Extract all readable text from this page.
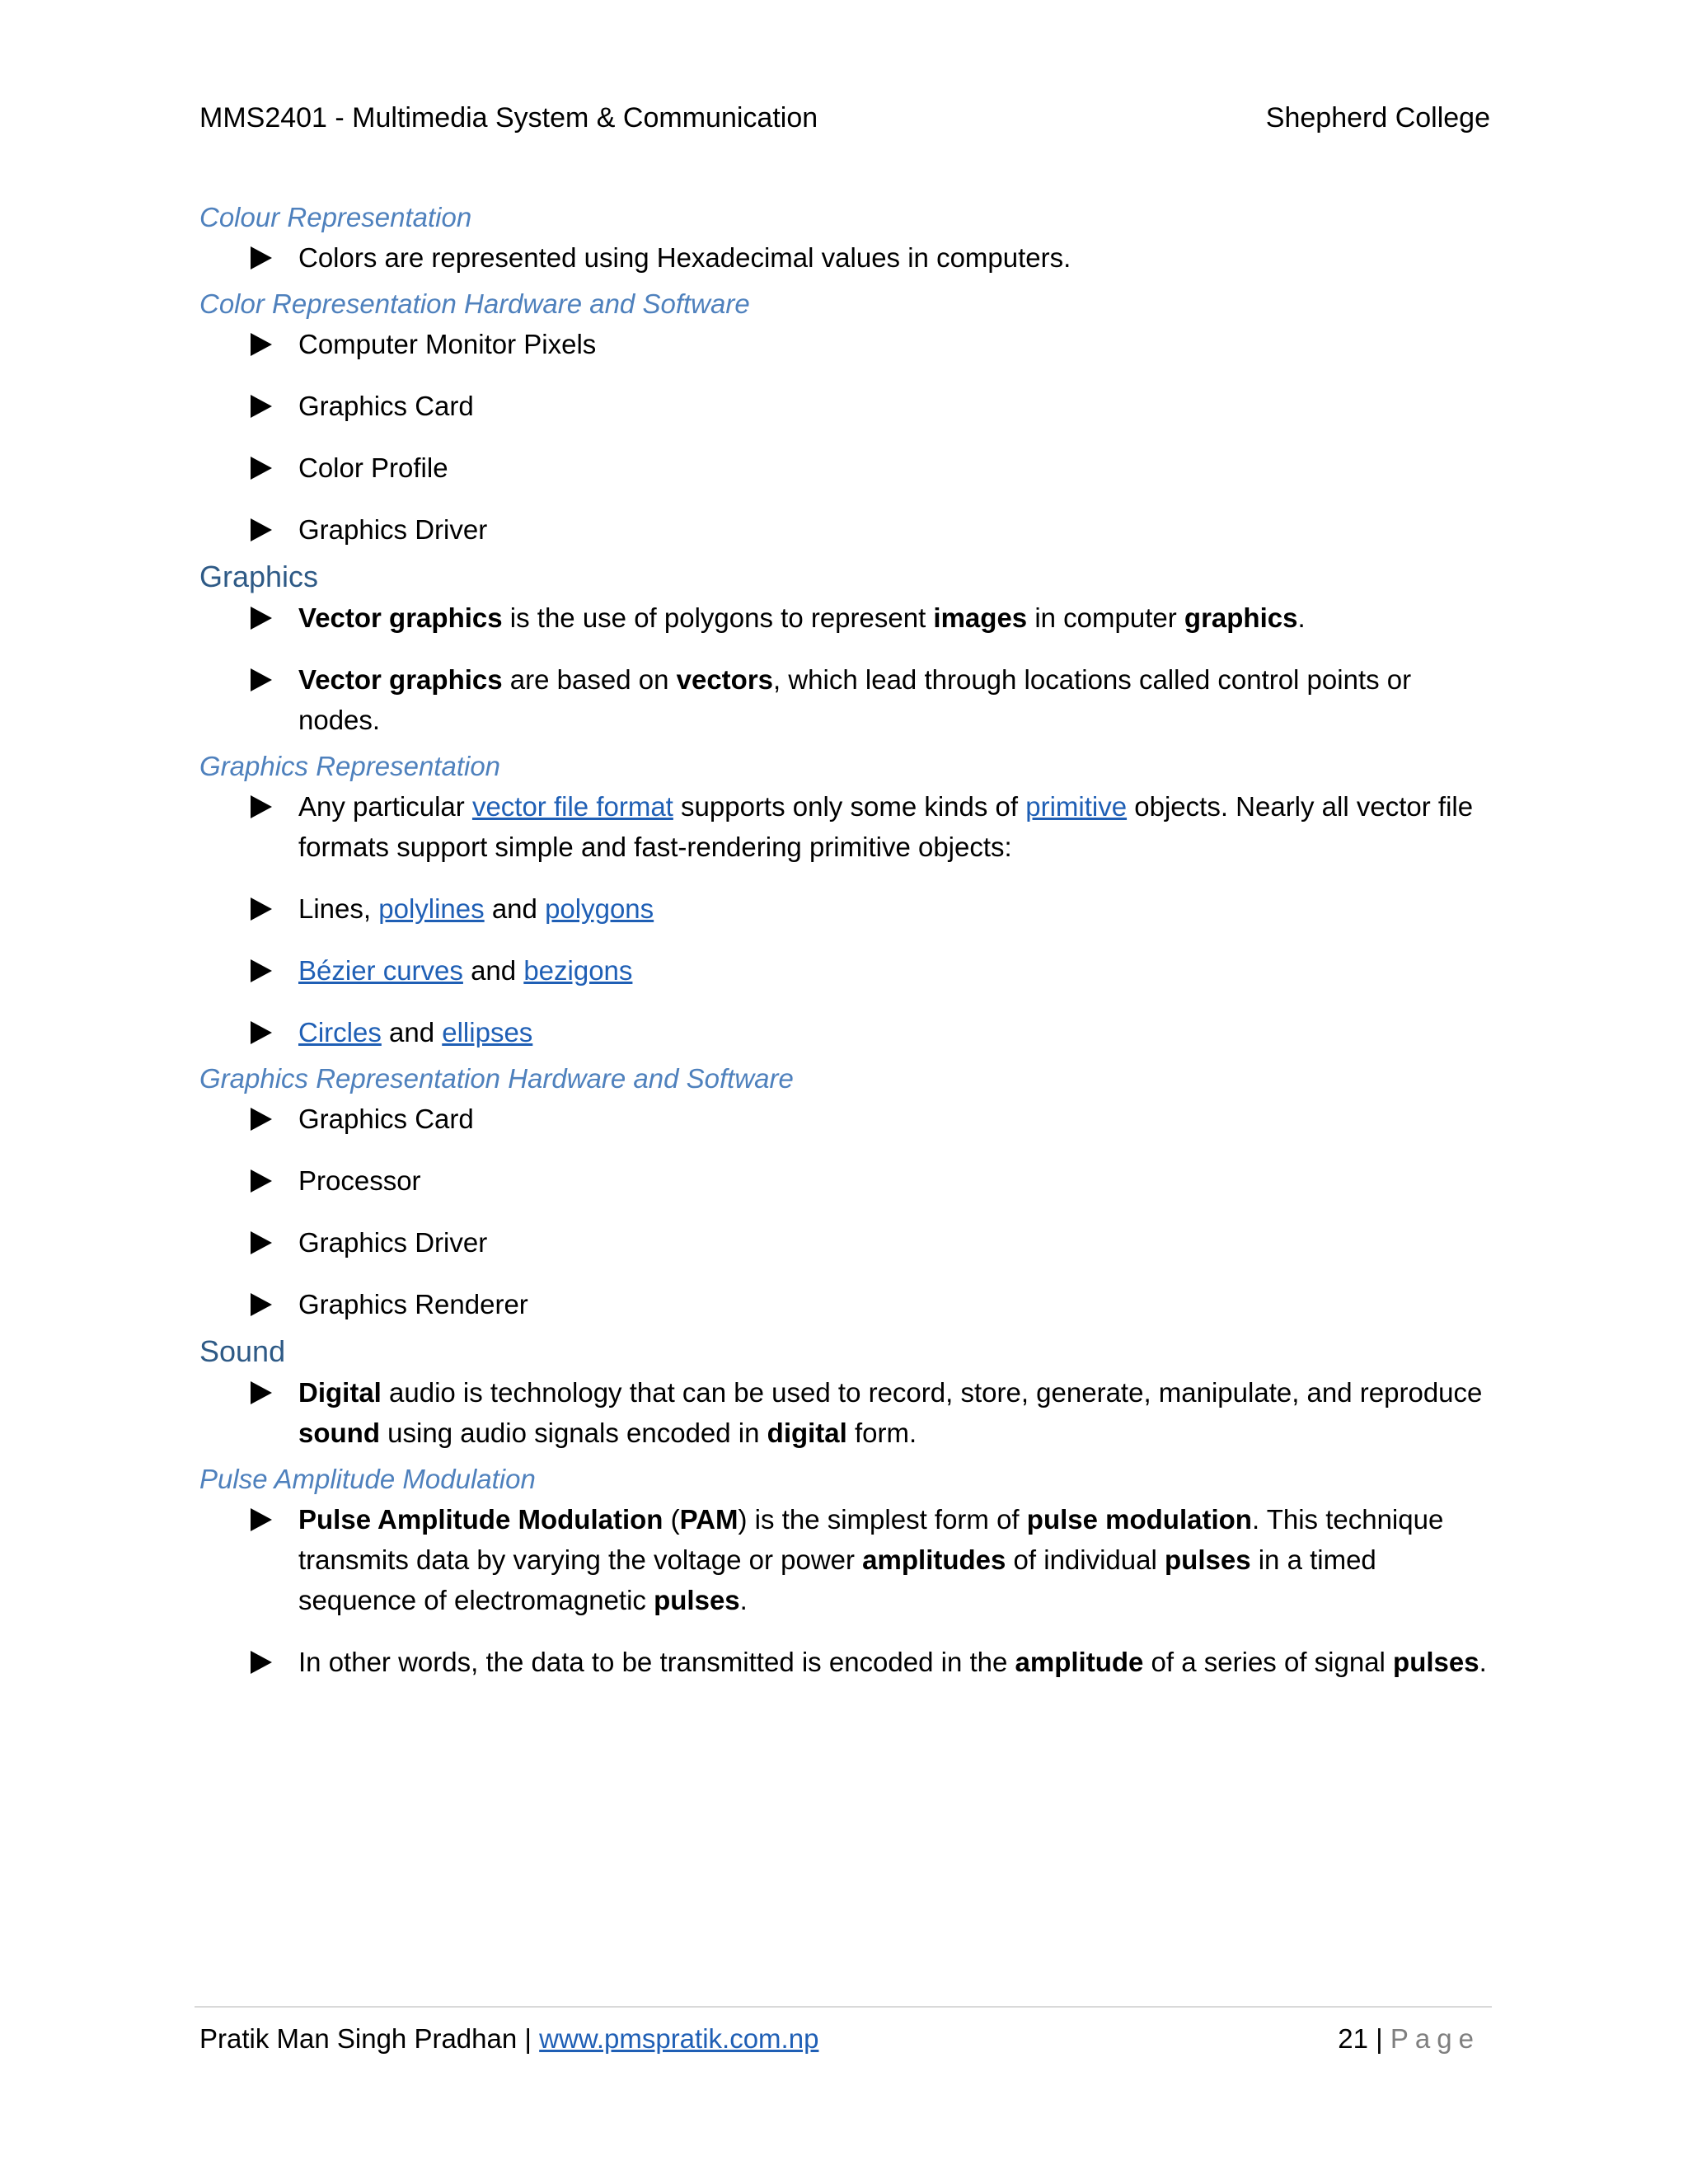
MMS2401 - Multimedia System & Communication	Shepherd College
Colour Representation
Colors are represented using Hexadecimal values in computers.
Color Representation Hardware and Software
Computer Monitor Pixels
Graphics Card
Color Profile
Graphics Driver
Graphics
Vector graphics is the use of polygons to represent images in computer graphics.
Vector graphics are based on vectors, which lead through locations called control points or nodes.
Graphics Representation
Any particular vector file format supports only some kinds of primitive objects. Nearly all vector file formats support simple and fast-rendering primitive objects:
Lines, polylines and polygons
Bézier curves and bezigons
Circles and ellipses
Graphics Representation Hardware and Software
Graphics Card
Processor
Graphics Driver
Graphics Renderer
Sound
Digital audio is technology that can be used to record, store, generate, manipulate, and reproduce sound using audio signals encoded in digital form.
Pulse Amplitude Modulation
Pulse Amplitude Modulation (PAM) is the simplest form of pulse modulation. This technique transmits data by varying the voltage or power amplitudes of individual pulses in a timed sequence of electromagnetic pulses.
In other words, the data to be transmitted is encoded in the amplitude of a series of signal pulses.
Pratik Man Singh Pradhan | www.pmspratik.com.np	21 | Page
